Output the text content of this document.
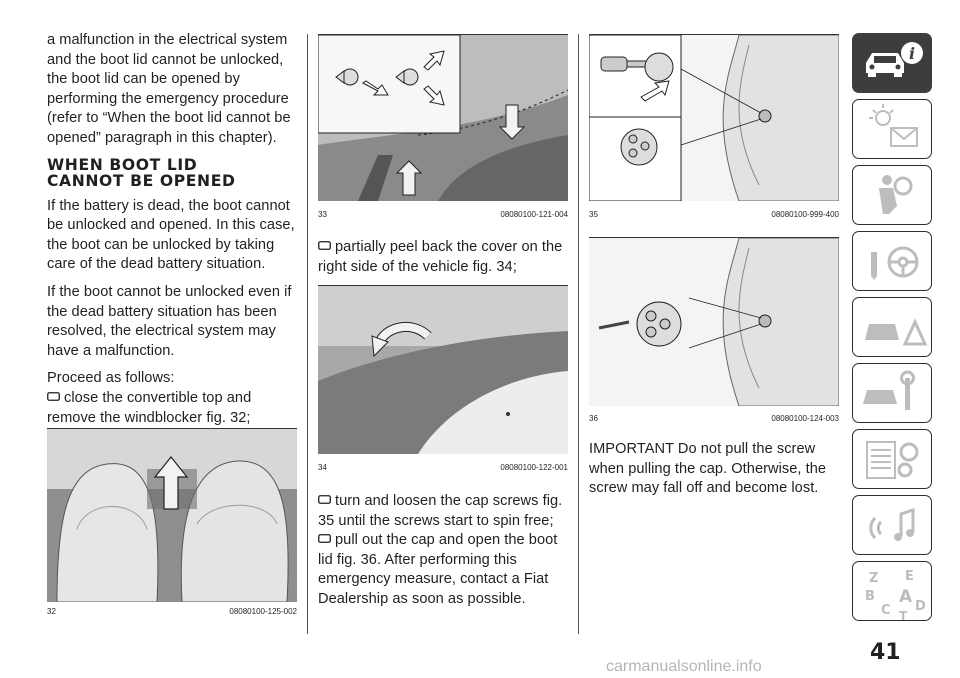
a malfunction in the electrical system and the boot lid cannot be unlocked, the boot lid can be opened by performing the emergency procedure (refer to “When the boot lid cannot be opened” paragraph in this chapter).

WHEN BOOT LID
CANNOT BE OPENED

If the battery is dead, the boot cannot be unlocked and opened. In this case, the boot can be unlocked by taking care of the dead battery situation.

If the boot cannot be unlocked even if the dead battery situation has been resolved, the electrical system may have a malfunction.

Proceed as follows:

close the convertible top and remove the windblocker fig. 32;

32	08080100-125-002
33	08080100-121-004

partially peel back the cover on the right side of the vehicle fig. 34;

34	08080100-122-001

turn and loosen the cap screws fig. 35 until the screws start to spin free;

pull out the cap and open the boot lid fig. 36. After performing this emergency measure, contact a Fiat Dealership as soon as possible.

35	08080100-999-400
36	08080100-124-003

IMPORTANT Do not pull the screw when pulling the cap. Otherwise, the screw may fall off and become lost.

i
Z E
B A
C T
D
41
carmanualsonline.info
